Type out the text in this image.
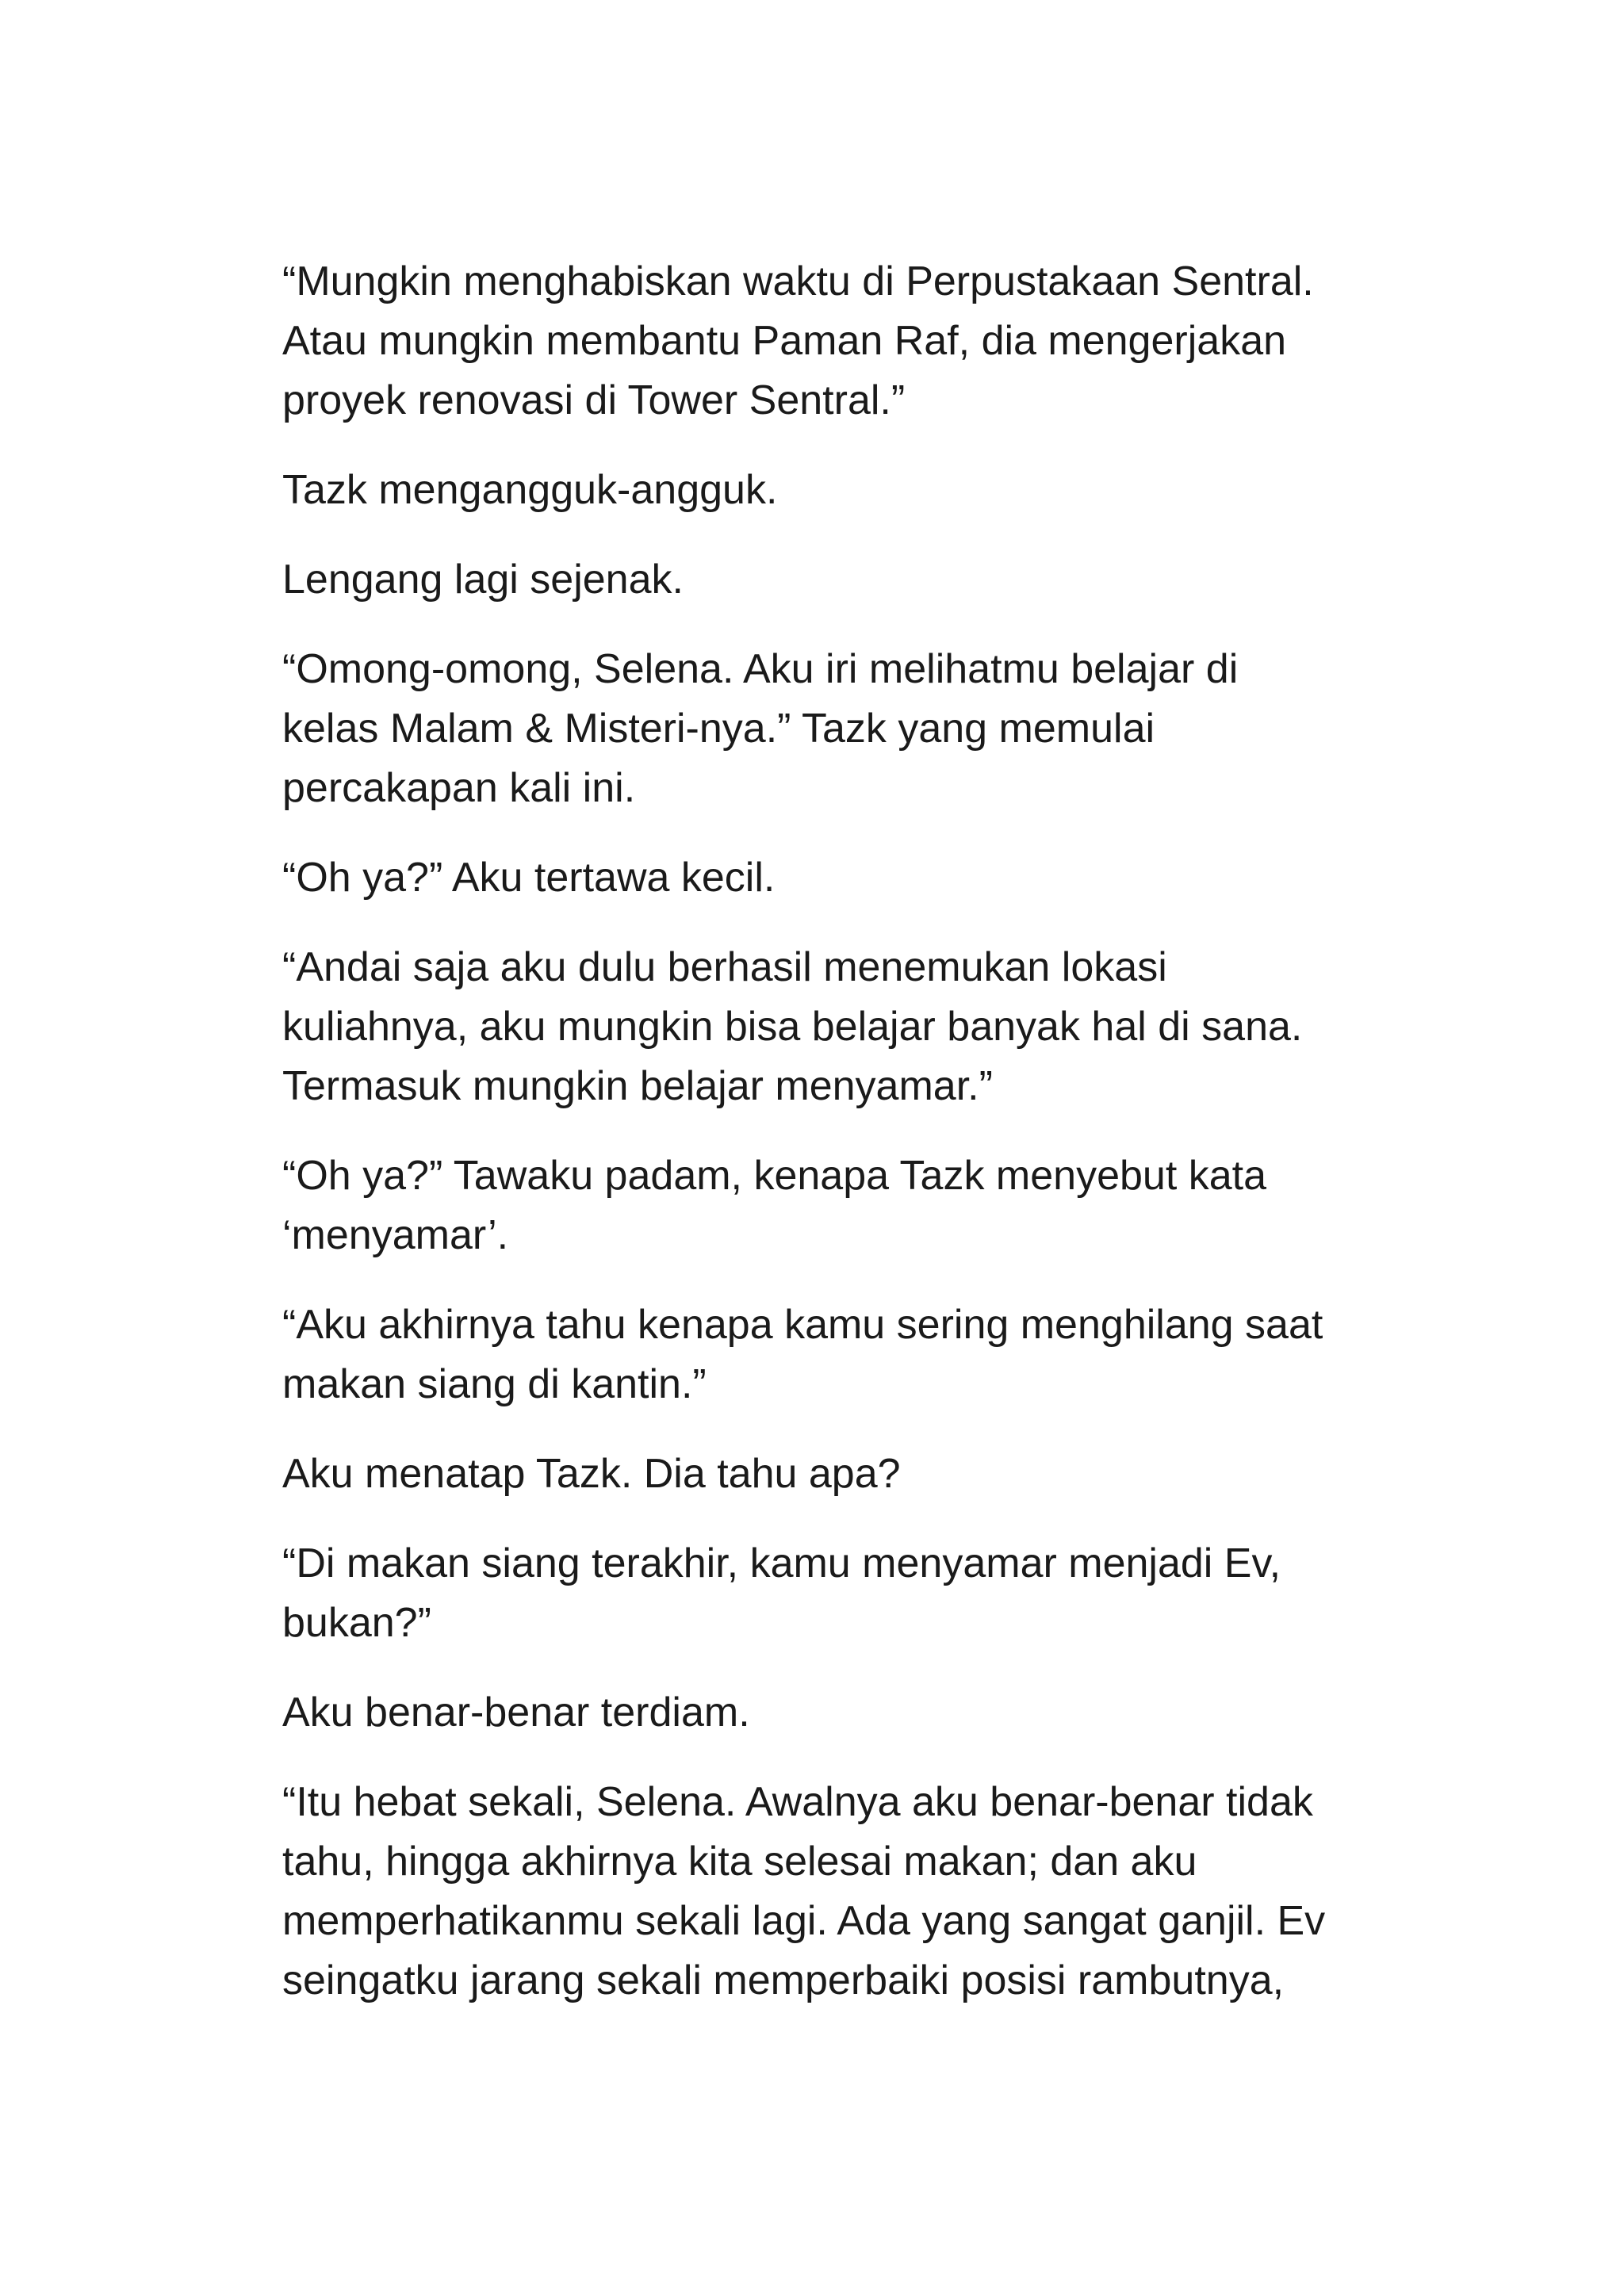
“Mungkin menghabiskan waktu di Perpustakaan Sentral.
Atau mungkin membantu Paman Raf, dia mengerjakan
proyek renovasi di Tower Sentral.”

Tazk mengangguk-angguk.

Lengang lagi sejenak.

“Omong-omong, Selena. Aku iri melihatmu belajar di
kelas Malam & Misteri-nya.” Tazk yang memulai
percakapan kali ini.

“Oh ya?” Aku tertawa kecil.

“Andai saja aku dulu berhasil menemukan lokasi
kuliahnya, aku mungkin bisa belajar banyak hal di sana.
Termasuk mungkin belajar menyamar.”

“Oh ya?” Tawaku padam, kenapa Tazk menyebut kata
‘menyamar’.

“Aku akhirnya tahu kenapa kamu sering menghilang saat
makan siang di kantin.”

Aku menatap Tazk. Dia tahu apa?

“Di makan siang terakhir, kamu menyamar menjadi Ev,
bukan?”

Aku benar-benar terdiam.

“Itu hebat sekali, Selena. Awalnya aku benar-benar tidak
tahu, hingga akhirnya kita selesai makan; dan aku
memperhatikanmu sekali lagi. Ada yang sangat ganjil. Ev
seingatku jarang sekali memperbaiki posisi rambutnya,
